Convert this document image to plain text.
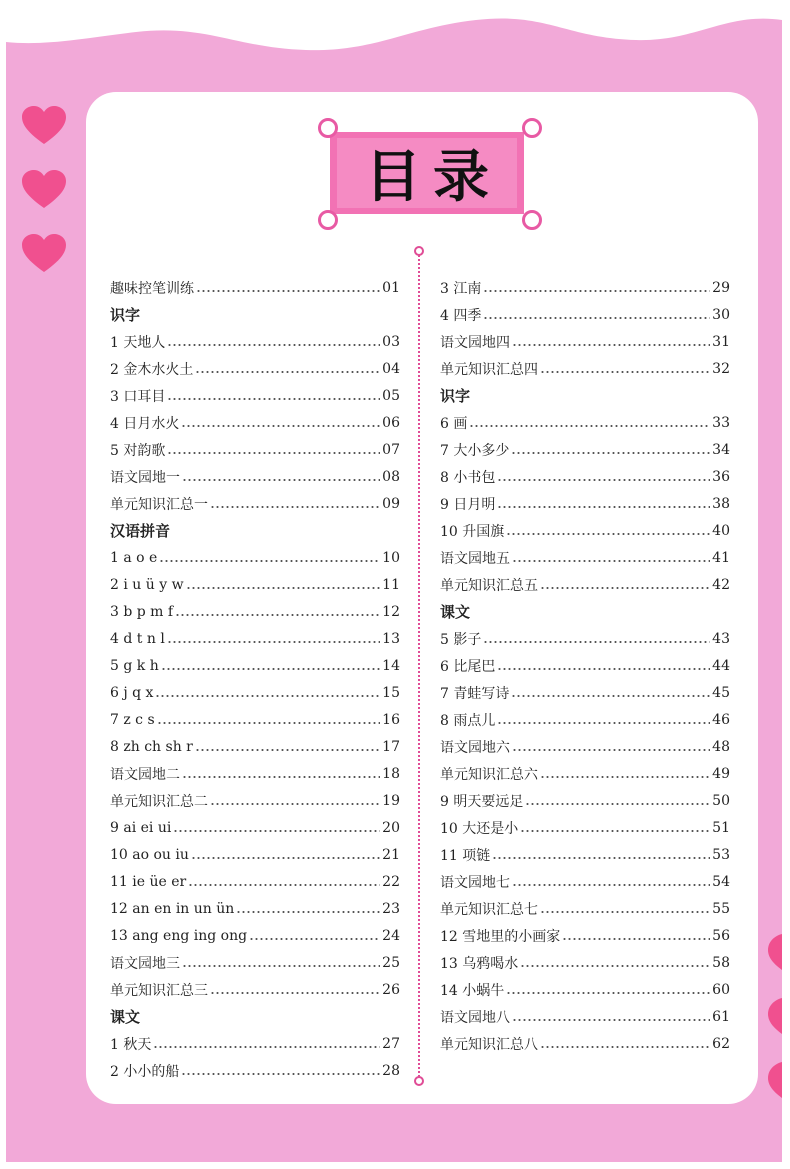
目录
趣味控笔训练	01
识字
1 天地人	03
2 金木水火土	04
3 口耳目	05
4 日月水火	06
5 对韵歌	07
语文园地一	08
单元知识汇总一	09
汉语拼音
1 a o e	10
2 i u ü y w	11
3 b p m f	12
4 d t n l	13
5 g k h	14
6 j q x	15
7 z c s	16
8 zh ch sh r	17
语文园地二	18
单元知识汇总二	19
9 ai ei ui	20
10 ao ou iu	21
11 ie üe er	22
12 an en in un ün	23
13 ang eng ing ong	24
语文园地三	25
单元知识汇总三	26
课文
1 秋天	27
2 小小的船	28
3 江南	29
4 四季	30
语文园地四	31
单元知识汇总四	32
识字
6 画	33
7 大小多少	34
8 小书包	36
9 日月明	38
10 升国旗	40
语文园地五	41
单元知识汇总五	42
课文
5 影子	43
6 比尾巴	44
7 青蛙写诗	45
8 雨点儿	46
语文园地六	48
单元知识汇总六	49
9 明天要远足	50
10 大还是小	51
11 项链	53
语文园地七	54
单元知识汇总七	55
12 雪地里的小画家	56
13 乌鸦喝水	58
14 小蜗牛	60
语文园地八	61
单元知识汇总八	62
